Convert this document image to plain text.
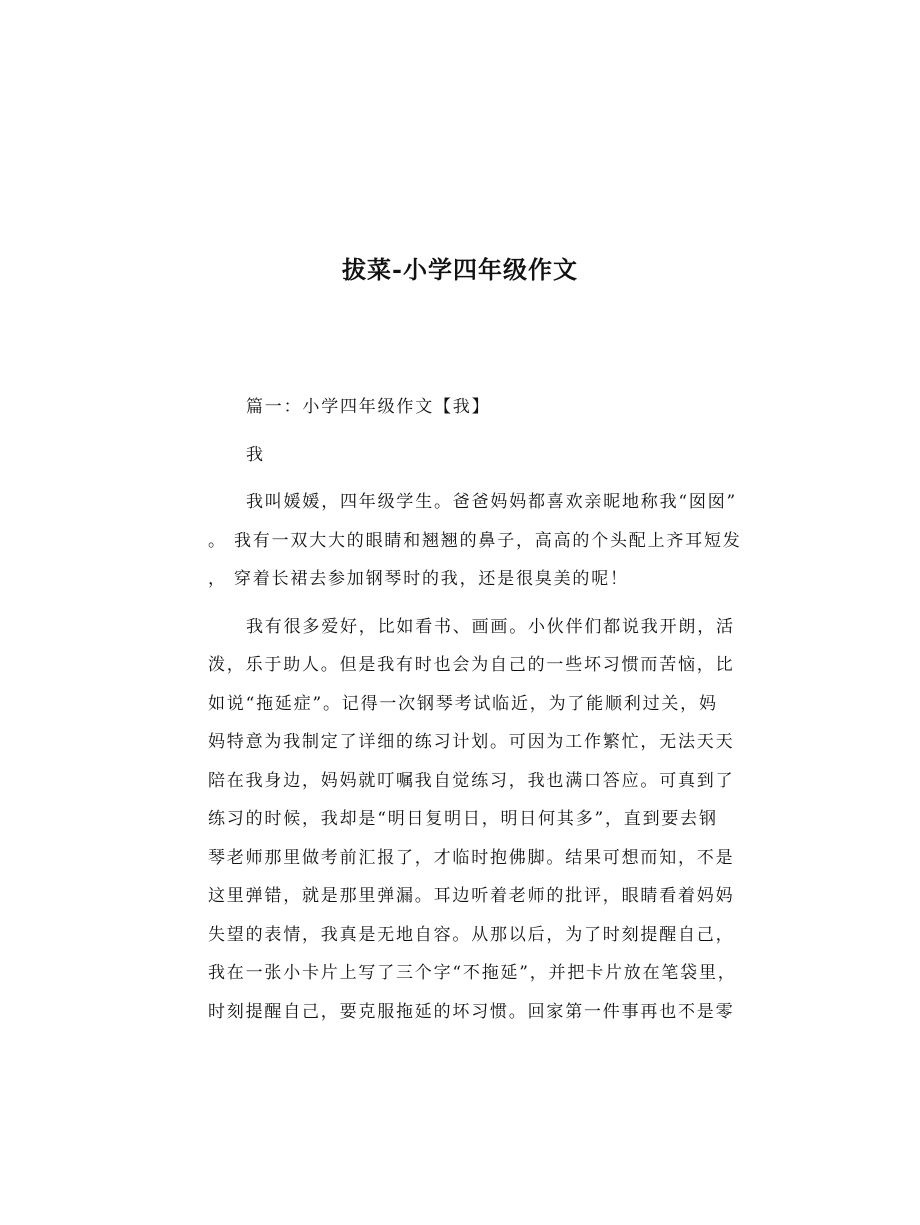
拔菜-小学四年级作文
篇一：小学四年级作文【我】
我
我叫媛媛，四年级学生。爸爸妈妈都喜欢亲昵地称我“囡囡”
。 我有一双大大的眼睛和翘翘的鼻子，高高的个头配上齐耳短发
， 穿着长裙去参加钢琴时的我，还是很臭美的呢！
我有很多爱好，比如看书、画画。小伙伴们都说我开朗，活
泼，乐于助人。但是我有时也会为自己的一些坏习惯而苦恼，比
如说“拖延症”。记得一次钢琴考试临近，为了能顺利过关，妈
妈特意为我制定了详细的练习计划。可因为工作繁忙，无法天天
陪在我身边，妈妈就叮嘱我自觉练习，我也满口答应。可真到了
练习的时候，我却是“明日复明日，明日何其多”，直到要去钢
琴老师那里做考前汇报了，才临时抱佛脚。结果可想而知，不是
这里弹错，就是那里弹漏。耳边听着老师的批评，眼睛看着妈妈
失望的表情，我真是无地自容。从那以后，为了时刻提醒自己，
我在一张小卡片上写了三个字“不拖延”，并把卡片放在笔袋里，
时刻提醒自己，要克服拖延的坏习惯。回家第一件事再也不是零
